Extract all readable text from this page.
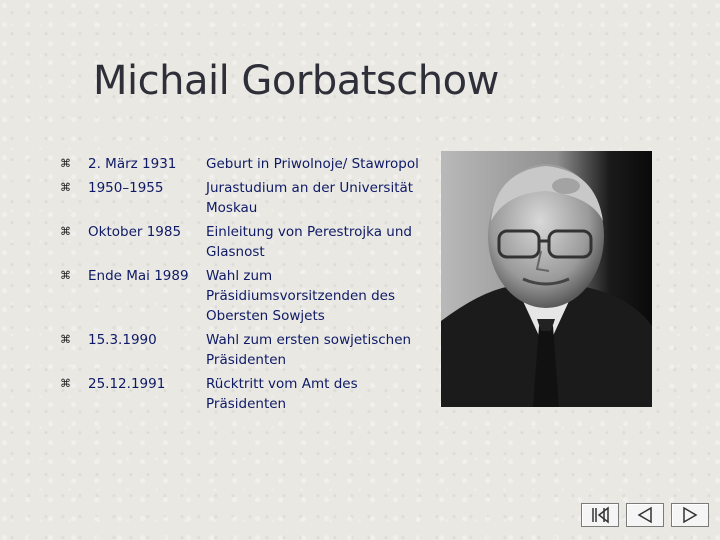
Michail Gorbatschow
⌘	2. März 1931	Geburt in Priwolnoje/ Stawropol
⌘	1950–1955	Jurastudium an der Universität Moskau
⌘	Oktober 1985	Einleitung von Perestrojka und Glasnost
⌘	Ende Mai 1989	Wahl zum Präsidiumsvorsitzenden des Obersten Sowjets
⌘	15.3.1990	Wahl zum ersten sowjetischen Präsidenten
⌘	25.12.1991	Rücktritt vom Amt des Präsidenten
